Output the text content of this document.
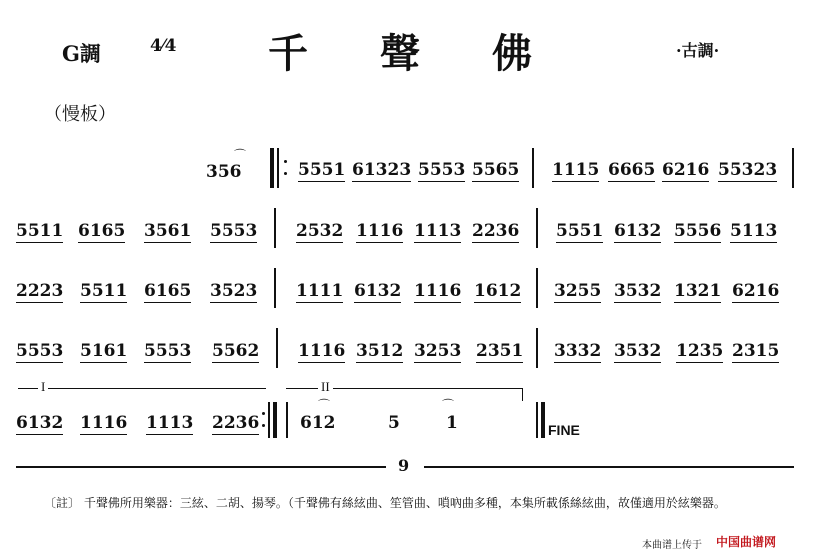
G調	4⁄4 千聲佛	·古調·
（慢板）
356
⌒
5551 61323 5553 5565 1115 6665 6216 55323
5511 6165 3561 5553 2532 1116 1113 2236 5551 6132 5556 5113
2223 5511 6165 3523 1111 6132 1116 1612 3255 3532 1321 6216
5553 5161 5553 5562 1116 3512 3253 2351 3332 3532 1235 2315
I	II
6132 1116 1113 2236 612
⌒
5	1
⌒
FINE
9
〔註〕 千聲佛所用樂器：三絃、二胡、揚琴。（千聲佛有絲絃曲、笙管曲、嗩吶曲多種，本集所載係絲絃曲，故僅適用於絃樂器。
本曲谱上传于 中国曲谱网
